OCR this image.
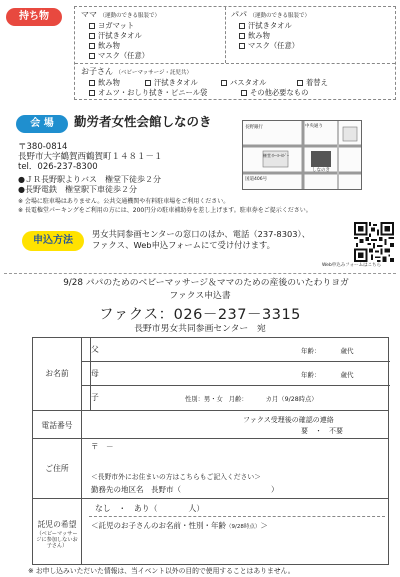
持ち物	ママ （運動のできる服装で）
ヨガマット
汗拭きタオル
飲み物
マスク（任意）
パパ （運動のできる服装で）
汗拭きタオル
飲み物
マスク（任意）
お子さん （ベビーマッサージ・託児共）
飲み物	汗拭きタオル	バスタオル	着替え
オムツ・おしり拭き・ビニール袋	その他必要なもの
会 場	勤労者女性会館しなのき
〒380-0814
長野市大字鶴賀西鶴賀町１４８１－１
tel．026-237-8300
●ＪＲ長野駅よりバス　権堂下徒歩２分
●長野電鉄　権堂駅下車徒歩２分
長野銀行
権堂ｲﾄｰﾖｰｶﾄﾞｰ
しなのき
中央通り
国道406号
※ 会場に駐車場はありません。公共交通機関や有料駐車場をご利用ください。
※ 長電権堂パーキングをご利用の方には、200円分の駐車補助券を差し上げます。駐車券をご提示ください。
申込方法
男女共同参画センターの窓口のほか、電話（237-8303）、
ファクス、Web申込フォームにて受け付けます。
Web申込みフォームはこちら
9/28 パパのためのベビーマッサージ＆ママのための産後のいたわりヨガ
ファクス申込書
ファクス：026－237－3315
長野市男女共同参画センター　宛
お名前
父	年齢：	歳代
母	年齢：	歳代
子	性別：男・女 月齢：	カ月（9/28時点）
電話番号
ファクス受理後の確認の連絡
要　・　不要
ご住所
〒　－
＜長野市外にお住まいの方はこちらもご記入ください＞
勤務先の地区名　長野市（　　　　　　　　　　　　）
託児の希望
（ベビーマッサージに参加しないお子さん）
なし　・　あり（　　　　人）
＜託児のお子さんのお名前・性別・年齢（9/28時点）＞
※ お申し込みいただいた情報は、当イベント以外の目的で使用することはありません。
